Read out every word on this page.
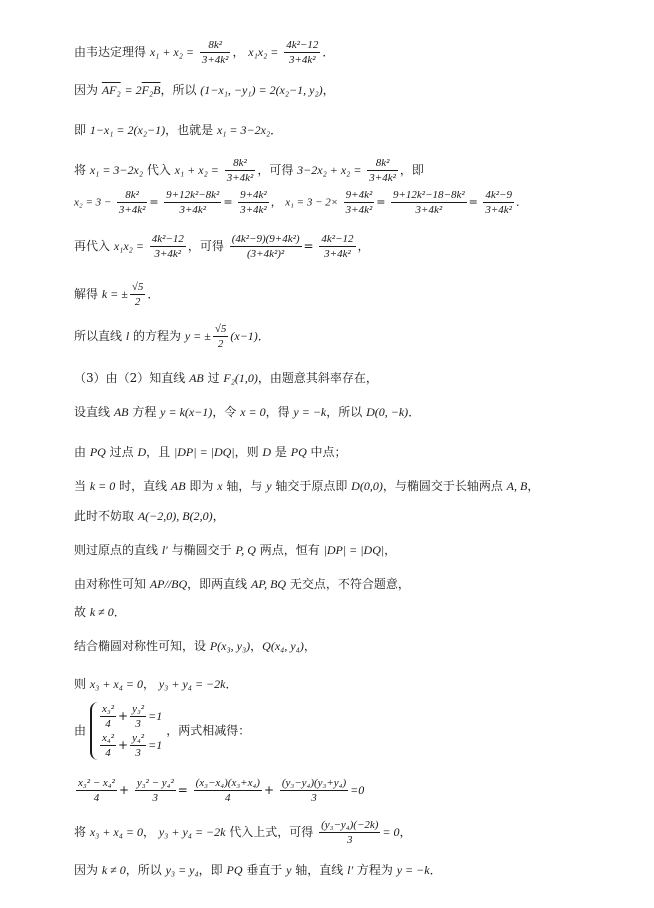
由韦达定理得 $x_1 + x_2 = \frac{\text{8k²}}{\text{3+4k²}}$ ， $x_1x_2 = \frac{\text{4k²−12}}{\text{3+4k²}}$ ．
因为 AF₂ = 2F₂B，所以 (1−x₁, −y₁) = 2(x₂−1, y₂)，
即 1−x₁ = 2(x₂−1)，也就是 x₁ = 3−2x₂．
将 x₁ = 3−2x₂ 代入 $x_1 + x_2 = \frac{\text{8k²}}{\text{3+4k²}}$ ，可得 $3-2x_2 + x_2 = \frac{\text{8k²}}{\text{3+4k²}}$ ，即
$x_2 = 3 - \frac{\text{8k²}}{\text{3+4k²}} = \frac{\text{9+12k²−8k²}}{\text{3+4k²}} = \frac{\text{9+4k²}}{\text{3+4k²}}$ ， $x_1 = 3 - 2\times \frac{\text{9+4k²}}{\text{3+4k²}} = \frac{\text{9+12k²−18−8k²}}{\text{3+4k²}} = \frac{\text{4k²−9}}{\text{3+4k²}}$ ．
再代入 $x_1x_2 = \frac{\text{4k²−12}}{\text{3+4k²}}$ ，可得 $\frac{\text{(4k²−9)(9+4k²)}}{\text{(3+4k²)²}} = \frac{\text{4k²−12}}{\text{3+4k²}}$ ，
解得 k = ± $\frac{√5}{2}$ ．
所以直线 l 的方程为 y = ± $\frac{√5}{2} (x-1)$．
（3）由（2）知直线 AB 过 F₂(1,0)，由题意其斜率存在，
设直线 AB 方程 y = k(x−1)，令 x = 0，得 y = −k，所以 D(0, −k)．
由 PQ 过点 D，且 |DP| = |DQ|，则 D 是 PQ 中点；
当 k = 0 时，直线 AB 即为 x 轴，与 y 轴交于原点即 D(0,0)，与椭圆交于长轴两点 A, B，
此时不妨取 A(−2,0), B(2,0)，
则过原点的直线 l′ 与椭圆交于 P, Q 两点，恒有 |DP| = |DQ|，
由对称性可知 AP//BQ，即两直线 AP, BQ 无交点，不符合题意，
故 k ≠ 0．
结合椭圆对称性可知，设 P(x₃, y₃)，Q(x₄, y₄)，
则 x₃ + x₄ = 0， y₃ + y₄ = −2k．
由 $\frac{\text{x₃²}}{4} + \frac{\text{y₃²}}{3} =1$
$\frac{\text{x₄²}}{4} + \frac{\text{y₄²}}{3} =1$
，两式相减得：
$\frac{\text{x₃² − x₄²}}{4} + \frac{\text{y₃² − y₄²}}{3} = \frac{\text{(x₃−x₄)(x₃+x₄)}}{4} + \frac{\text{(y₃−y₄)(y₃+y₄)}}{3} =0$
将 x₃ + x₄ = 0， y₃ + y₄ = −2k 代入上式，可得 $\frac{\text{(y₃−y₄)(−2k)}}{3} = 0$，
因为 k ≠ 0，所以 y₃ = y₄，即 PQ 垂直于 y 轴，直线 l′ 方程为 y = −k．
